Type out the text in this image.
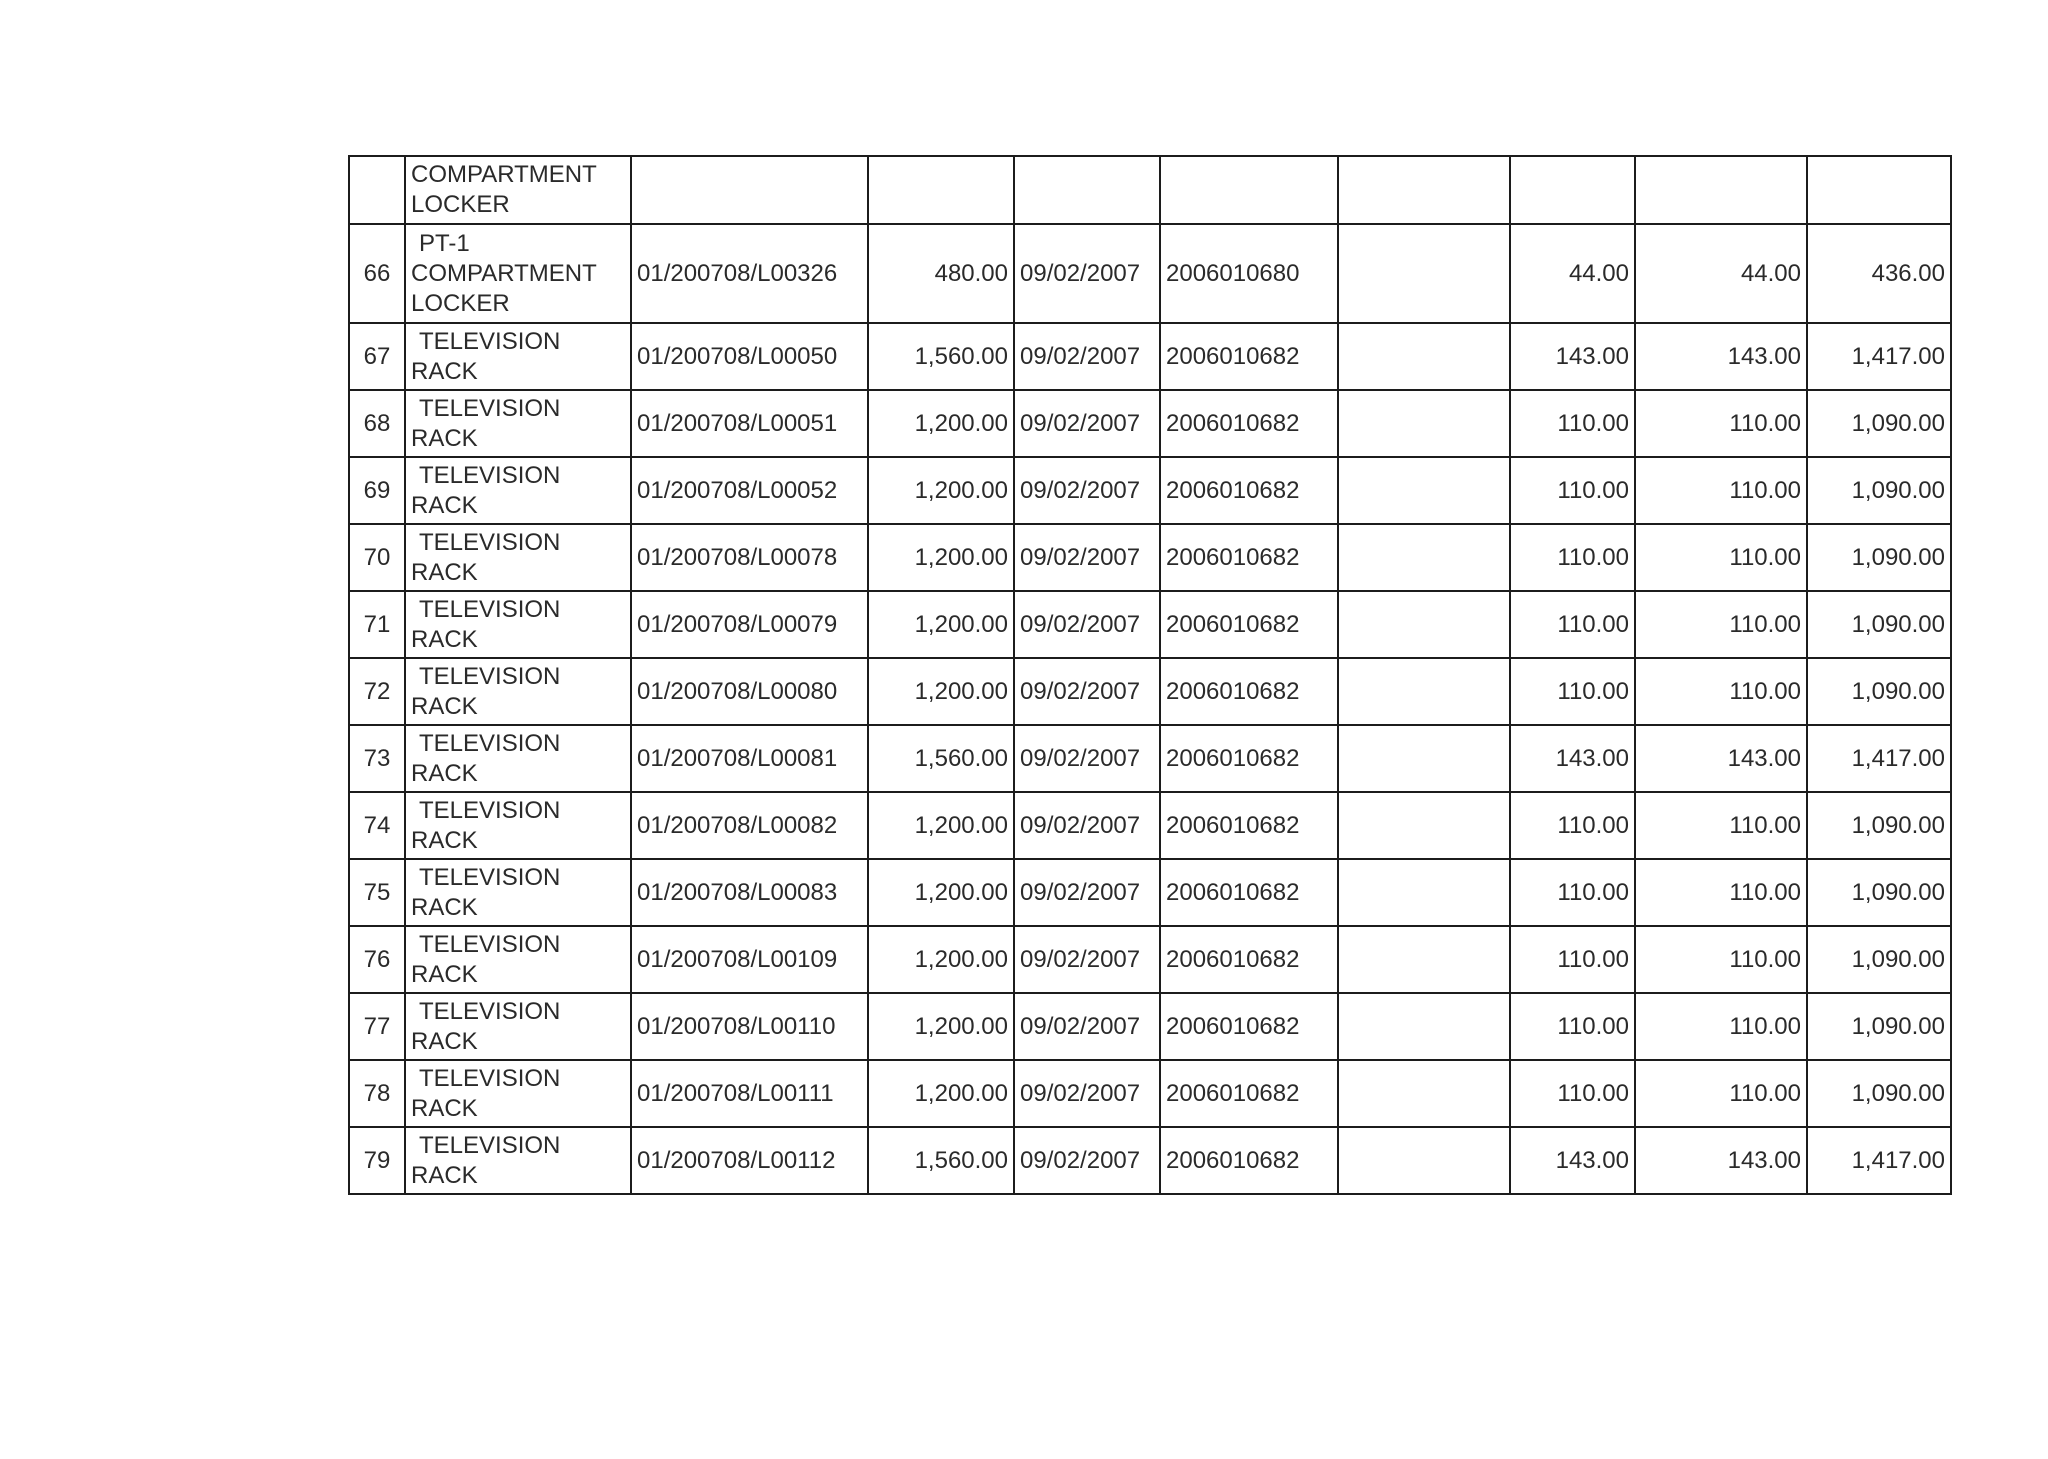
	COMPARTMENT
LOCKER								

66	PT-1
COMPARTMENT
LOCKER	01/200708/L00326	480.00	09/02/2007	2006010680		44.00	44.00	436.00
67	TELEVISION
RACK	01/200708/L00050	1,560.00	09/02/2007	2006010682		143.00	143.00	1,417.00
68	TELEVISION
RACK	01/200708/L00051	1,200.00	09/02/2007	2006010682		110.00	110.00	1,090.00
69	TELEVISION
RACK	01/200708/L00052	1,200.00	09/02/2007	2006010682		110.00	110.00	1,090.00
70	TELEVISION
RACK	01/200708/L00078	1,200.00	09/02/2007	2006010682		110.00	110.00	1,090.00
71	TELEVISION
RACK	01/200708/L00079	1,200.00	09/02/2007	2006010682		110.00	110.00	1,090.00
72	TELEVISION
RACK	01/200708/L00080	1,200.00	09/02/2007	2006010682		110.00	110.00	1,090.00
73	TELEVISION
RACK	01/200708/L00081	1,560.00	09/02/2007	2006010682		143.00	143.00	1,417.00
74	TELEVISION
RACK	01/200708/L00082	1,200.00	09/02/2007	2006010682		110.00	110.00	1,090.00
75	TELEVISION
RACK	01/200708/L00083	1,200.00	09/02/2007	2006010682		110.00	110.00	1,090.00
76	TELEVISION
RACK	01/200708/L00109	1,200.00	09/02/2007	2006010682		110.00	110.00	1,090.00
77	TELEVISION
RACK	01/200708/L00110	1,200.00	09/02/2007	2006010682		110.00	110.00	1,090.00
78	TELEVISION
RACK	01/200708/L00111	1,200.00	09/02/2007	2006010682		110.00	110.00	1,090.00
79	TELEVISION
RACK	01/200708/L00112	1,560.00	09/02/2007	2006010682		143.00	143.00	1,417.00
